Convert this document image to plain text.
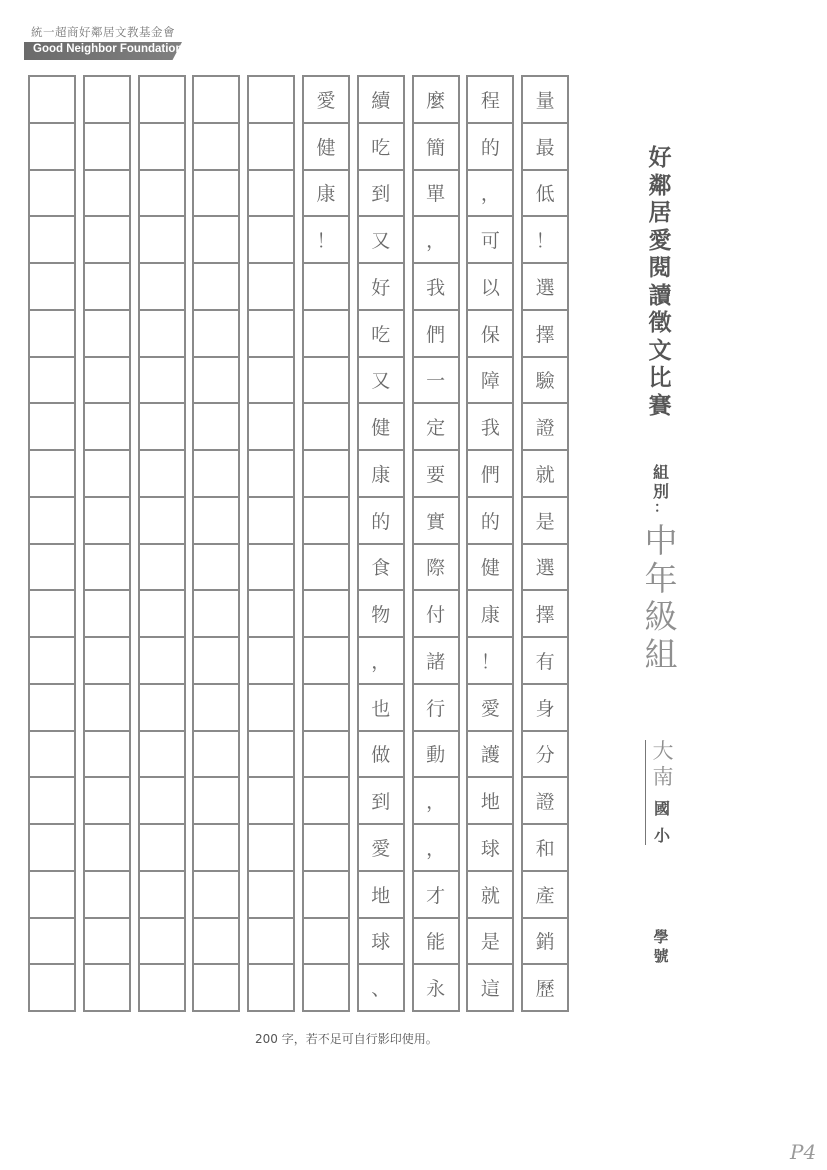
統一超商好鄰居文教基金會
Good Neighbor Foundation
愛
健
康
！
續
吃
到
又
好
吃
又
健
康
的
食
物
，
也
做
到
愛
地
球
、
麼
簡
單
，
我
們
一
定
要
實
際
付
諸
行
動
，
，
才
能
永
程
的
，
可
以
保
障
我
們
的
健
康
！
愛
護
地
球
就
是
這
量
最
低
！
選
擇
驗
證
就
是
選
擇
有
身
分
證
和
產
銷
歷
好
鄰
居
愛
閱
讀
徵
文
比
賽
組
別
：
中
年
級
組
大
南
國
小
學
號
200 字，若不足可自行影印使用。
P4
